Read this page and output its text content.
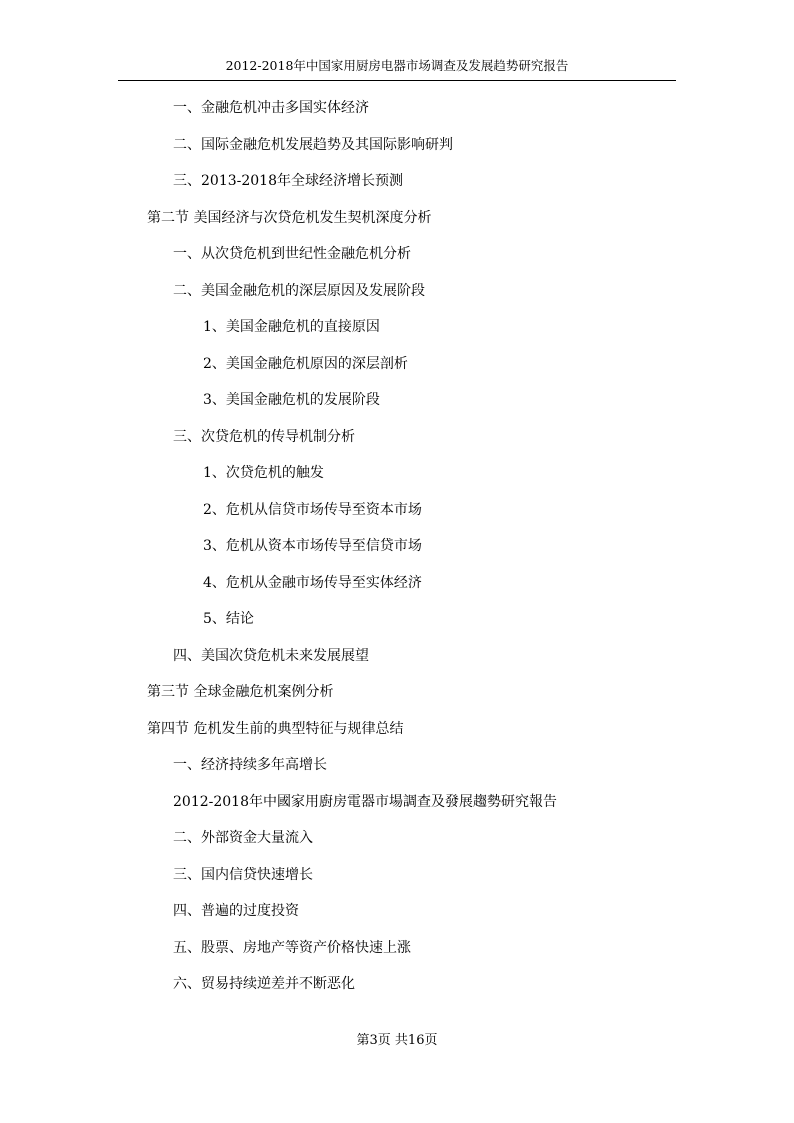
2012-2018年中国家用厨房电器市场调查及发展趋势研究报告
一、金融危机冲击多国实体经济
二、国际金融危机发展趋势及其国际影响研判
三、2013-2018年全球经济增长预测
第二节 美国经济与次贷危机发生契机深度分析
一、从次贷危机到世纪性金融危机分析
二、美国金融危机的深层原因及发展阶段
1、美国金融危机的直接原因
2、美国金融危机原因的深层剖析
3、美国金融危机的发展阶段
三、次贷危机的传导机制分析
1、次贷危机的触发
2、危机从信贷市场传导至资本市场
3、危机从资本市场传导至信贷市场
4、危机从金融市场传导至实体经济
5、结论
四、美国次贷危机未来发展展望
第三节 全球金融危机案例分析
第四节 危机发生前的典型特征与规律总结
一、经济持续多年高增长
2012-2018年中國家用廚房電器市場調查及發展趨勢研究報告
二、外部资金大量流入
三、国内信贷快速增长
四、普遍的过度投资
五、股票、房地产等资产价格快速上涨
六、贸易持续逆差并不断恶化
第3页 共16页
